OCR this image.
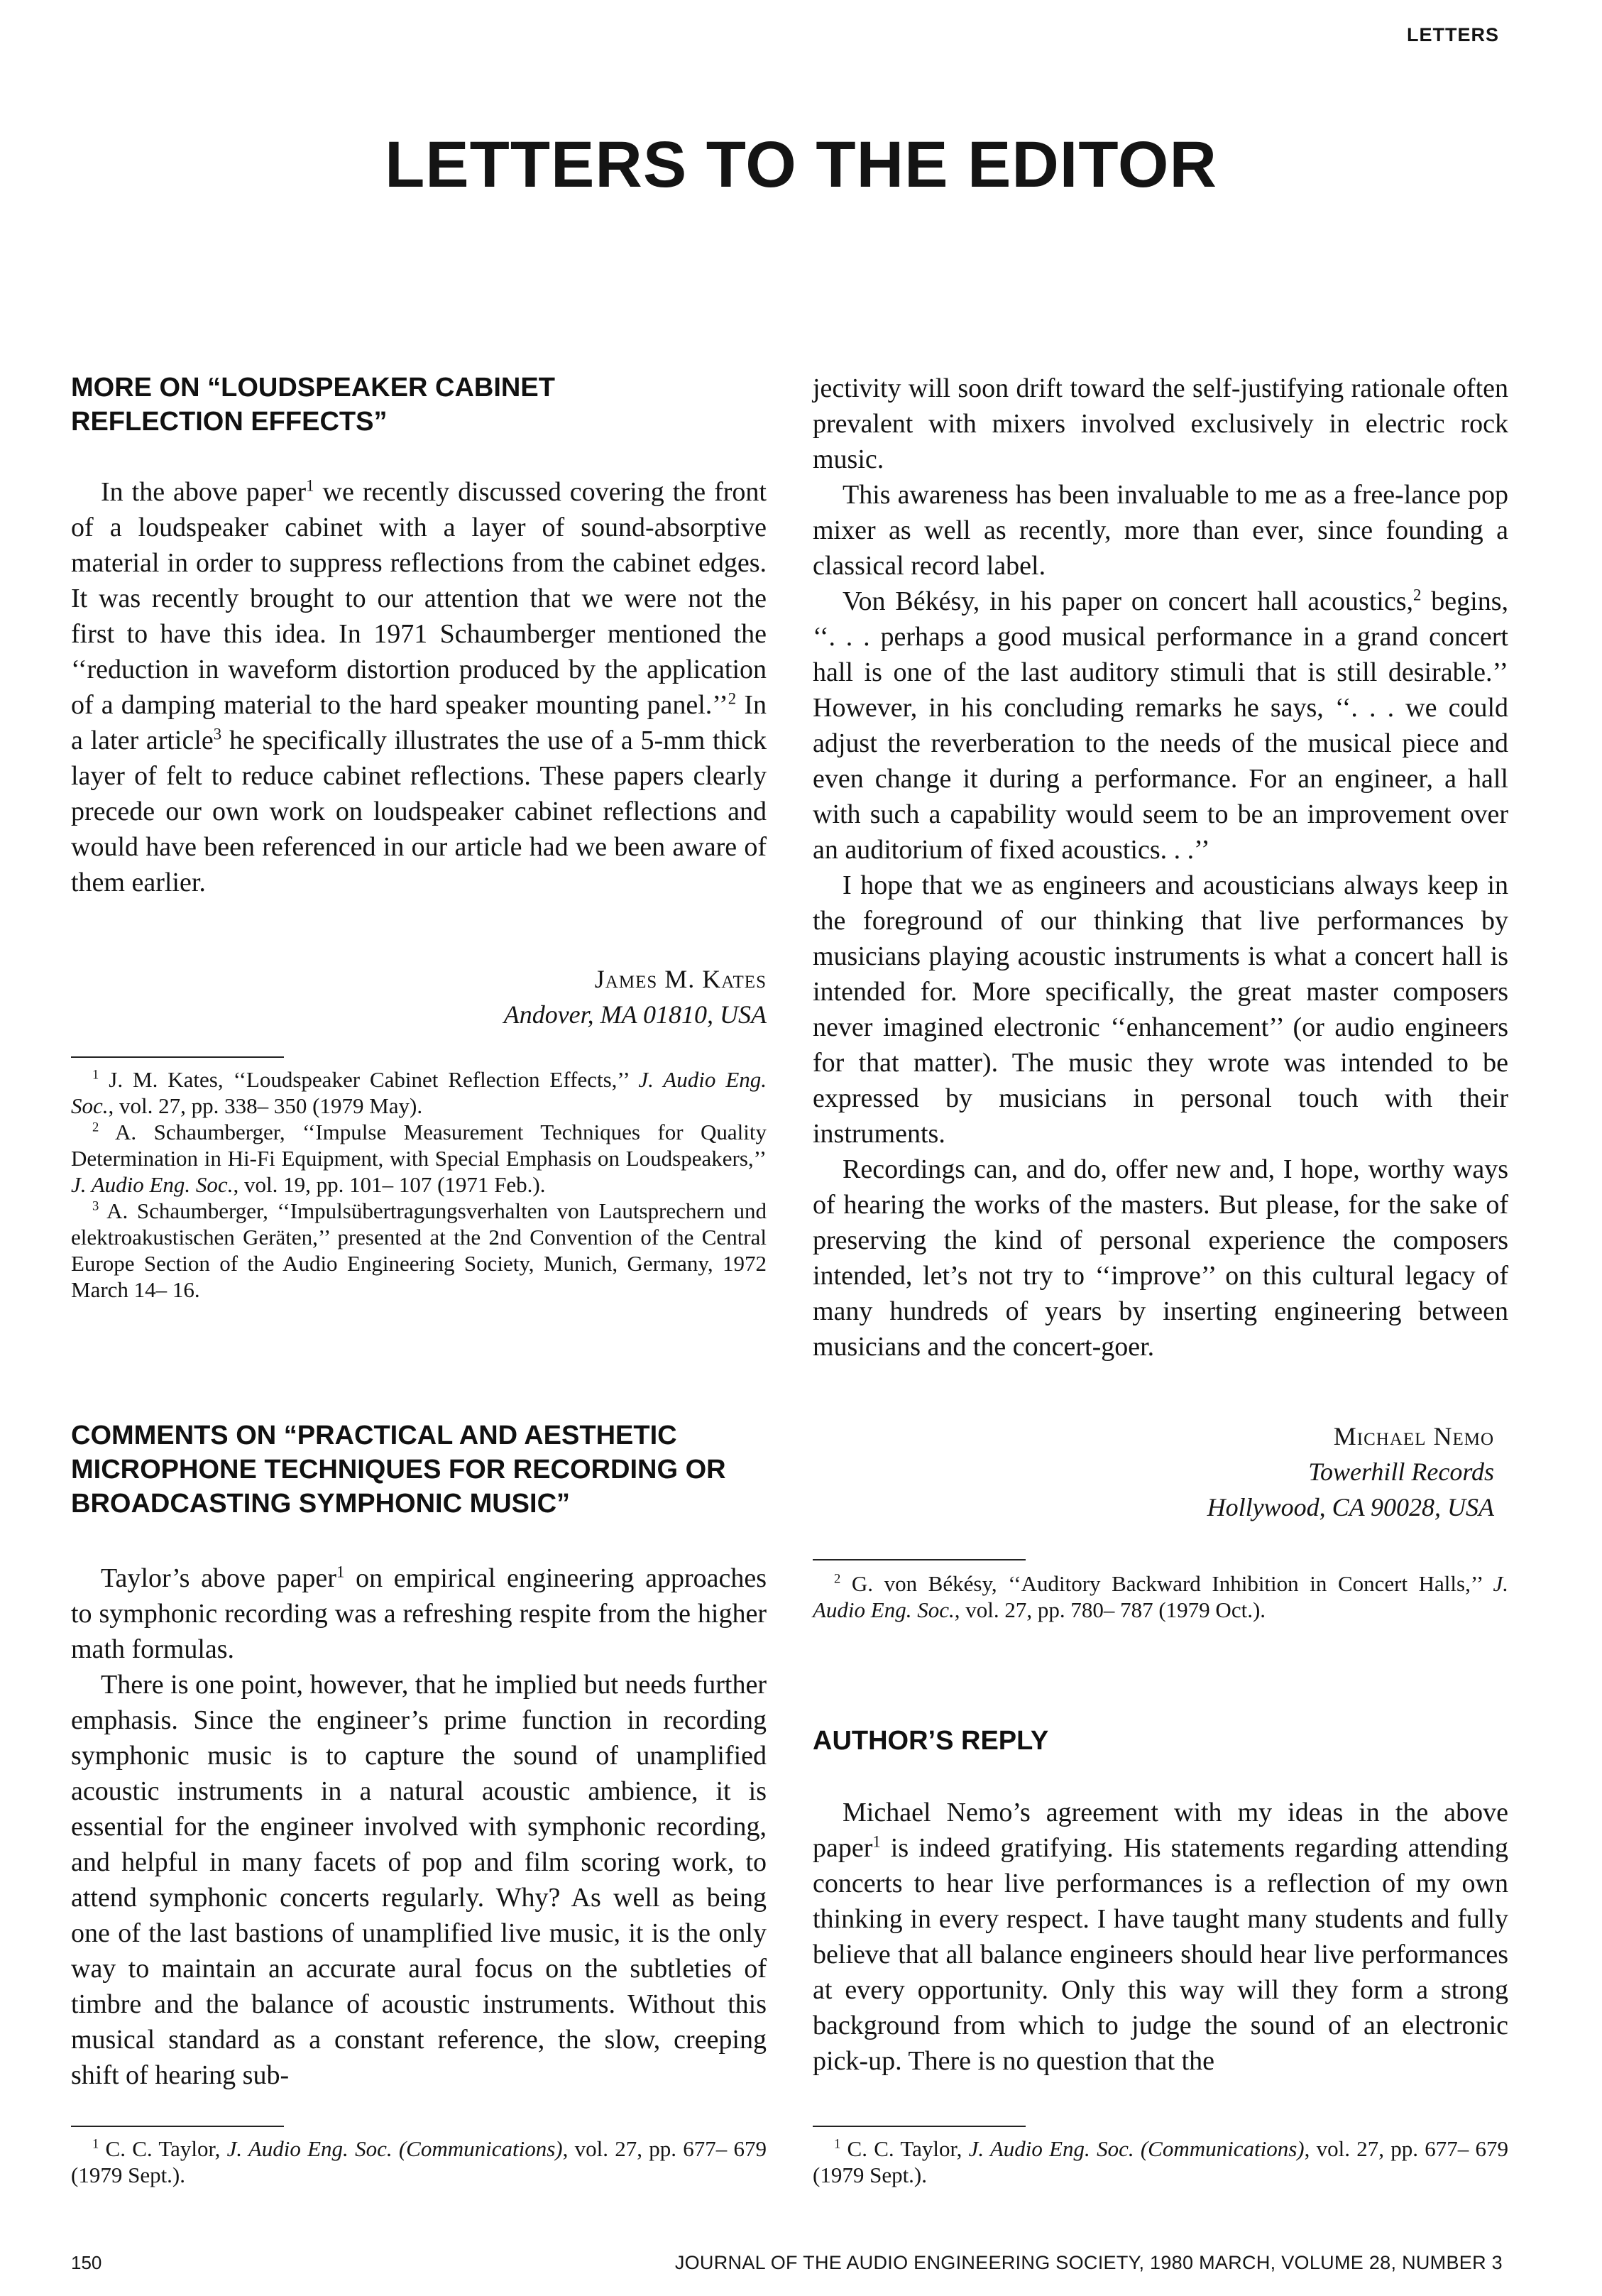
LETTERS
LETTERS TO THE EDITOR
MORE ON “LOUDSPEAKER CABINET REFLECTION EFFECTS”

In the above paper$^1$ we recently discussed covering the front of a loudspeaker cabinet with a layer of sound-absorptive material in order to suppress reflections from the cabinet edges. It was recently brought to our attention that we were not the first to have this idea. In 1971 Schaumberger mentioned the ‘‘reduction in waveform distortion produced by the application of a damping material to the hard speaker mounting panel.’’$^2$ In a later article$^3$ he specifically illustrates the use of a 5-mm thick layer of felt to reduce cabinet reflections. These papers clearly precede our own work on loudspeaker cabinet reflections and would have been referenced in our article had we been aware of them earlier.

James M. Kates
Andover, MA 01810, USA

$^1$ J. M. Kates, ‘‘Loudspeaker Cabinet Reflection Effects,’’ J. Audio Eng. Soc., vol. 27, pp. 338– 350 (1979 May).

$^2$ A. Schaumberger, ‘‘Impulse Measurement Techniques for Quality Determination in Hi-Fi Equipment, with Special Emphasis on Loudspeakers,’’ J. Audio Eng. Soc., vol. 19, pp. 101– 107 (1971 Feb.).

$^3$ A. Schaumberger, ‘‘Impulsübertragungsverhalten von Lautsprechern und elektroakustischen Geräten,’’ presented at the 2nd Convention of the Central Europe Section of the Audio Engineering Society, Munich, Germany, 1972 March 14– 16.

COMMENTS ON “PRACTICAL AND AESTHETIC MICROPHONE TECHNIQUES FOR RECORDING OR BROADCASTING SYMPHONIC MUSIC”

Taylor’s above paper$^1$ on empirical engineering approaches to symphonic recording was a refreshing respite from the higher math formulas.

There is one point, however, that he implied but needs further emphasis. Since the engineer’s prime function in recording symphonic music is to capture the sound of unamplified acoustic instruments in a natural acoustic ambience, it is essential for the engineer involved with symphonic recording, and helpful in many facets of pop and film scoring work, to attend symphonic concerts regularly. Why? As well as being one of the last bastions of unamplified live music, it is the only way to maintain an accurate aural focus on the subtleties of timbre and the balance of acoustic instruments. Without this musical standard as a constant reference, the slow, creeping shift of hearing sub-

$^1$ C. C. Taylor, J. Audio Eng. Soc. (Communications), vol. 27, pp. 677– 679 (1979 Sept.).

jectivity will soon drift toward the self-justifying rationale often prevalent with mixers involved exclusively in electric rock music.

This awareness has been invaluable to me as a free-lance pop mixer as well as recently, more than ever, since founding a classical record label.

Von Békésy, in his paper on concert hall acoustics,$^2$ begins, ‘‘. . . perhaps a good musical performance in a grand concert hall is one of the last auditory stimuli that is still desirable.’’ However, in his concluding remarks he says, ‘‘. . . we could adjust the reverberation to the needs of the musical piece and even change it during a performance. For an engineer, a hall with such a capability would seem to be an improvement over an auditorium of fixed acoustics. . .’’

I hope that we as engineers and acousticians always keep in the foreground of our thinking that live performances by musicians playing acoustic instruments is what a concert hall is intended for. More specifically, the great master composers never imagined electronic ‘‘enhancement’’ (or audio engineers for that matter). The music they wrote was intended to be expressed by musicians in personal touch with their instruments.

Recordings can, and do, offer new and, I hope, worthy ways of hearing the works of the masters. But please, for the sake of preserving the kind of personal experience the composers intended, let’s not try to ‘‘improve’’ on this cultural legacy of many hundreds of years by inserting engineering between musicians and the concert-goer.

Michael Nemo
Towerhill Records
Hollywood, CA 90028, USA

$^2$ G. von Békésy, ‘‘Auditory Backward Inhibition in Concert Halls,’’ J. Audio Eng. Soc., vol. 27, pp. 780– 787 (1979 Oct.).

AUTHOR’S REPLY

Michael Nemo’s agreement with my ideas in the above paper$^1$ is indeed gratifying. His statements regarding attending concerts to hear live performances is a reflection of my own thinking in every respect. I have taught many students and fully believe that all balance engineers should hear live performances at every opportunity. Only this way will they form a strong background from which to judge the sound of an electronic pick-up. There is no question that the

$^1$ C. C. Taylor, J. Audio Eng. Soc. (Communications), vol. 27, pp. 677– 679 (1979 Sept.).

150	JOURNAL OF THE AUDIO ENGINEERING SOCIETY, 1980 MARCH, VOLUME 28, NUMBER 3
